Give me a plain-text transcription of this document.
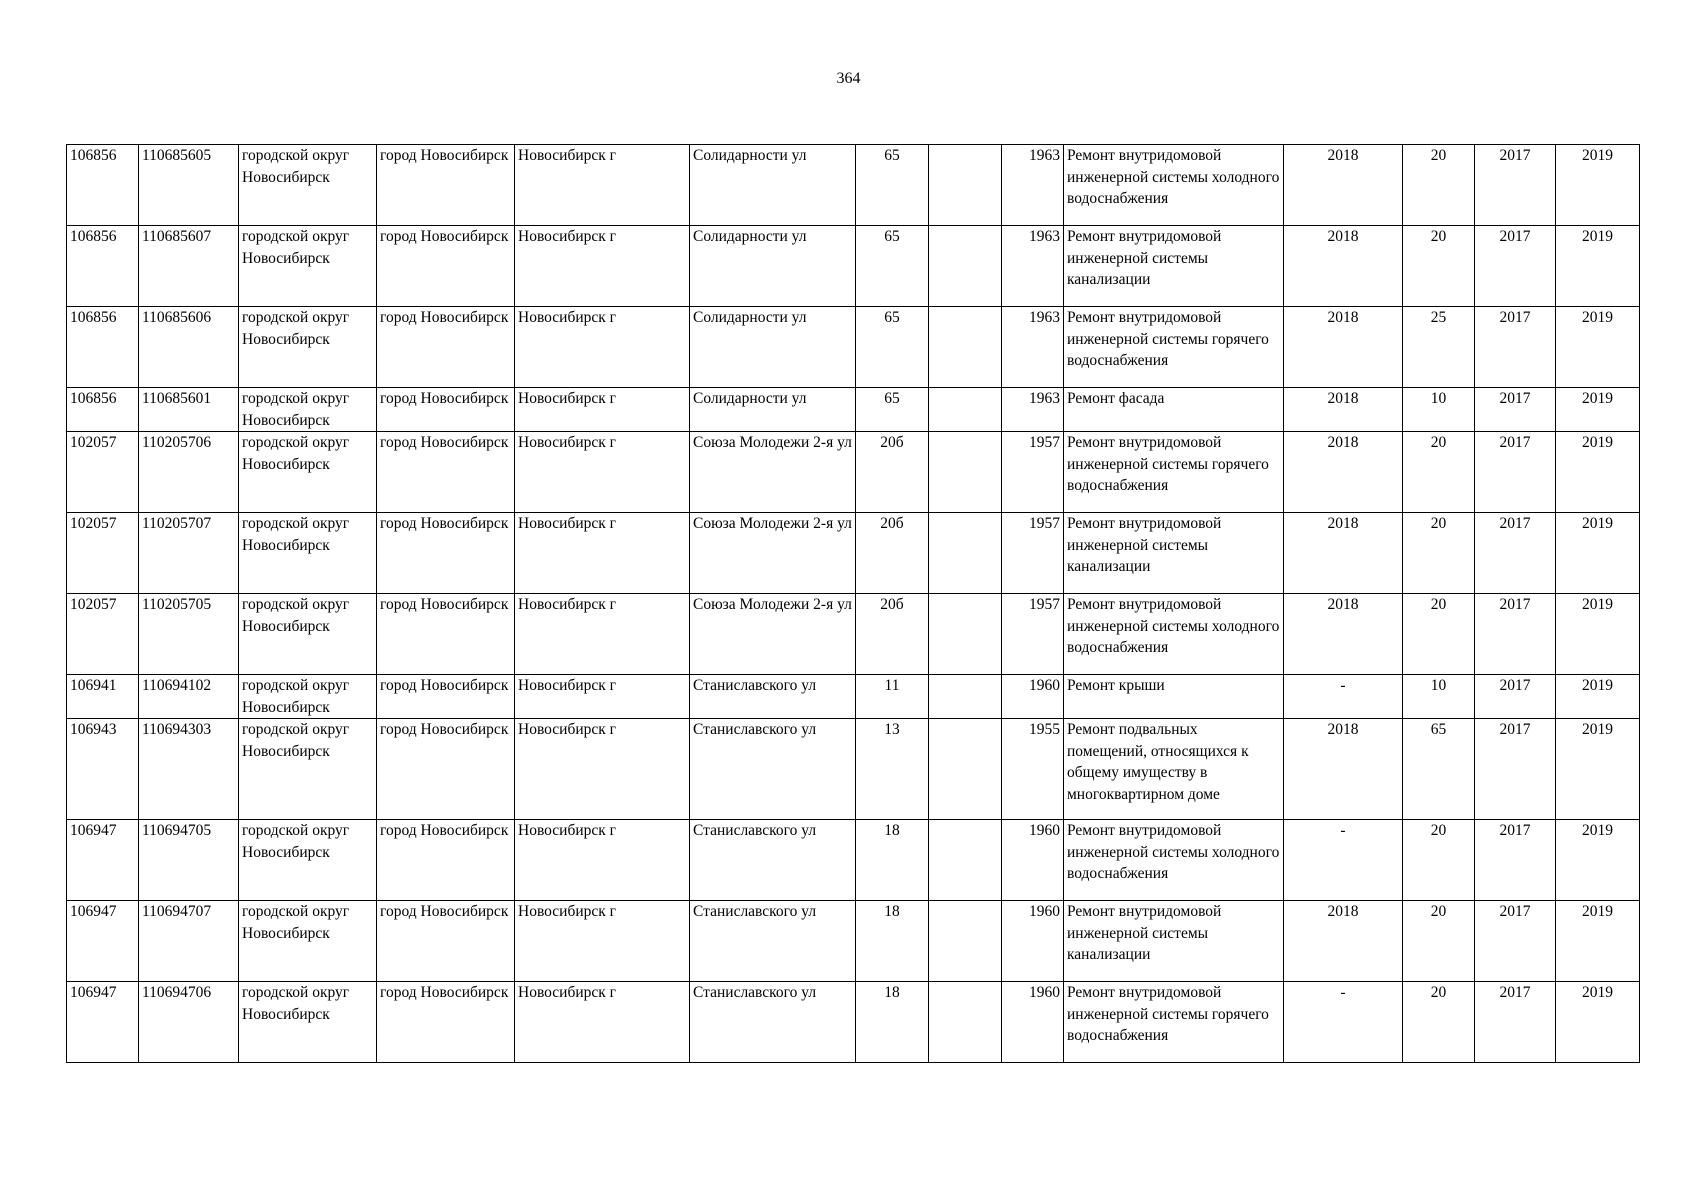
364
106856	110685605	городской округ Новосибирск	город Новосибирск	Новосибирск г	Солидарности ул	65		1963	Ремонт внутридомовой инженерной системы холодного водоснабжения	2018	20	2017	2019
106856	110685607	городской округ Новосибирск	город Новосибирск	Новосибирск г	Солидарности ул	65		1963	Ремонт внутридомовой инженерной системы канализации	2018	20	2017	2019
106856	110685606	городской округ Новосибирск	город Новосибирск	Новосибирск г	Солидарности ул	65		1963	Ремонт внутридомовой инженерной системы горячего водоснабжения	2018	25	2017	2019
106856	110685601	городской округ Новосибирск	город Новосибирск	Новосибирск г	Солидарности ул	65		1963	Ремонт фасада	2018	10	2017	2019
102057	110205706	городской округ Новосибирск	город Новосибирск	Новосибирск г	Союза Молодежи 2-я ул	20б		1957	Ремонт внутридомовой инженерной системы горячего водоснабжения	2018	20	2017	2019
102057	110205707	городской округ Новосибирск	город Новосибирск	Новосибирск г	Союза Молодежи 2-я ул	20б		1957	Ремонт внутридомовой инженерной системы канализации	2018	20	2017	2019
102057	110205705	городской округ Новосибирск	город Новосибирск	Новосибирск г	Союза Молодежи 2-я ул	20б		1957	Ремонт внутридомовой инженерной системы холодного водоснабжения	2018	20	2017	2019
106941	110694102	городской округ Новосибирск	город Новосибирск	Новосибирск г	Станиславского ул	11		1960	Ремонт крыши	-	10	2017	2019
106943	110694303	городской округ Новосибирск	город Новосибирск	Новосибирск г	Станиславского ул	13		1955	Ремонт подвальных помещений, относящихся к общему имуществу в многоквартирном доме	2018	65	2017	2019
106947	110694705	городской округ Новосибирск	город Новосибирск	Новосибирск г	Станиславского ул	18		1960	Ремонт внутридомовой инженерной системы холодного водоснабжения	-	20	2017	2019
106947	110694707	городской округ Новосибирск	город Новосибирск	Новосибирск г	Станиславского ул	18		1960	Ремонт внутридомовой инженерной системы канализации	2018	20	2017	2019
106947	110694706	городской округ Новосибирск	город Новосибирск	Новосибирск г	Станиславского ул	18		1960	Ремонт внутридомовой инженерной системы горячего водоснабжения	-	20	2017	2019
